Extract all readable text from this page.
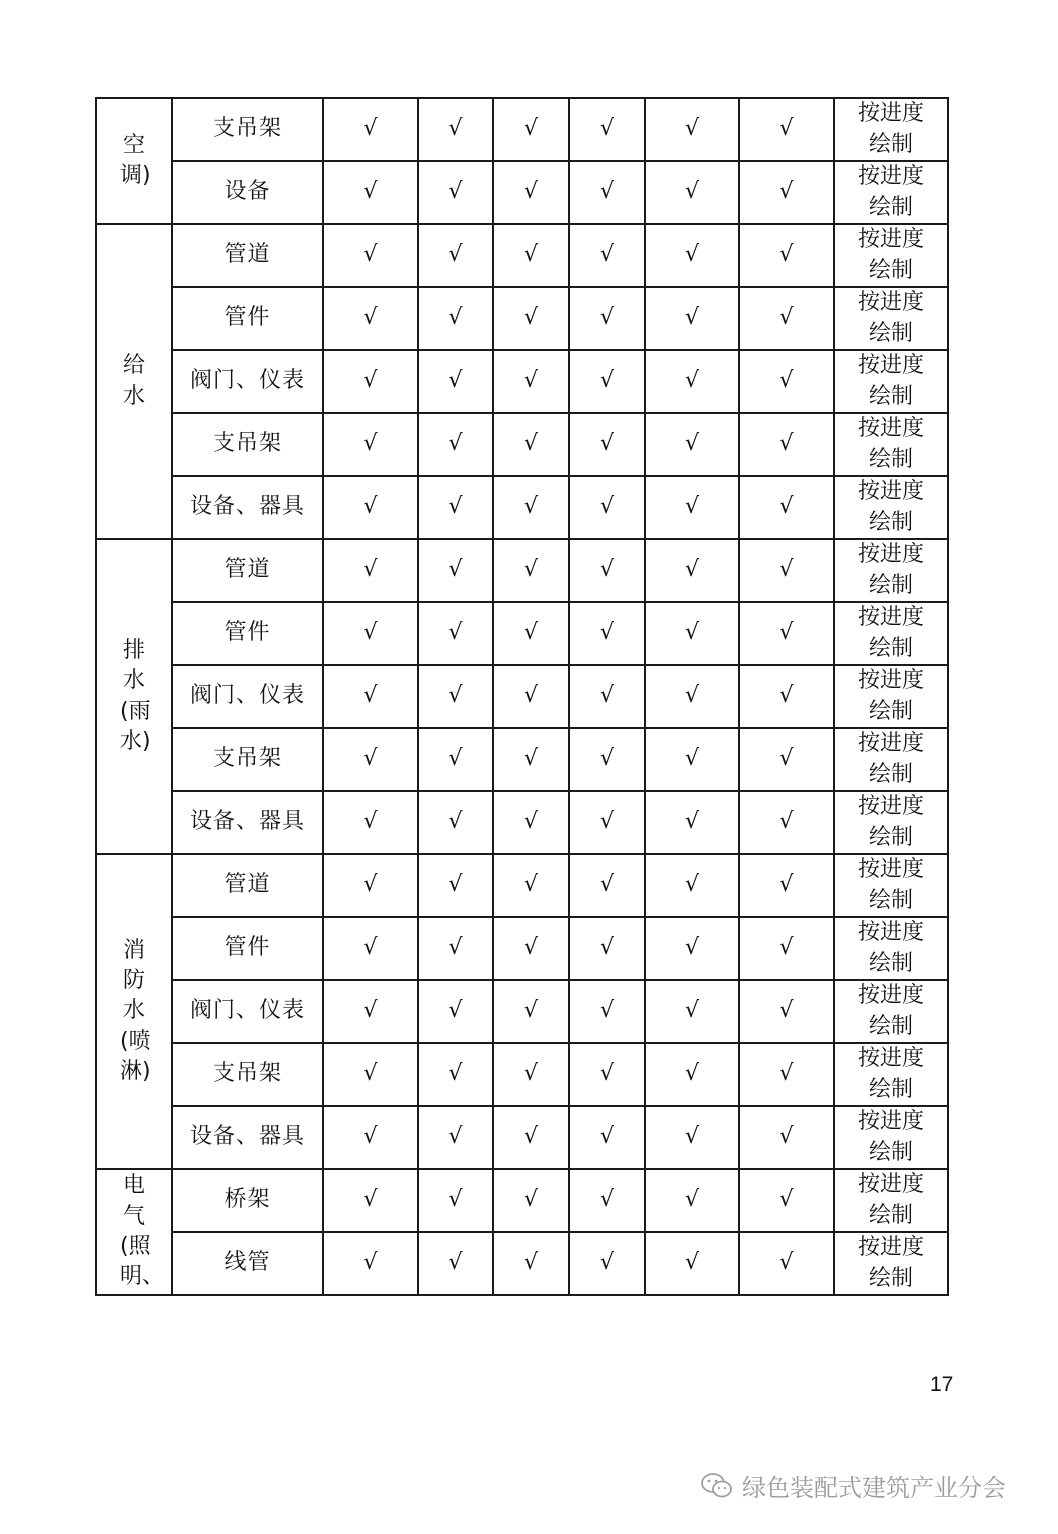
空调)	支吊架	√	√	√	√	√	√	按进度绘制
	设备	√	√	√	√	√	√	按进度绘制
给水	管道	√	√	√	√	√	√	按进度绘制
	管件	√	√	√	√	√	√	按进度绘制
	阀门、仪表	√	√	√	√	√	√	按进度绘制
	支吊架	√	√	√	√	√	√	按进度绘制
	设备、器具	√	√	√	√	√	√	按进度绘制
排水(雨水)	管道	√	√	√	√	√	√	按进度绘制
	管件	√	√	√	√	√	√	按进度绘制
	阀门、仪表	√	√	√	√	√	√	按进度绘制
	支吊架	√	√	√	√	√	√	按进度绘制
	设备、器具	√	√	√	√	√	√	按进度绘制
消防水(喷淋)	管道	√	√	√	√	√	√	按进度绘制
	管件	√	√	√	√	√	√	按进度绘制
	阀门、仪表	√	√	√	√	√	√	按进度绘制
	支吊架	√	√	√	√	√	√	按进度绘制
	设备、器具	√	√	√	√	√	√	按进度绘制
电气(照明、	桥架	√	√	√	√	√	√	按进度绘制
	线管	√	√	√	√	√	√	按进度绘制
17
绿色装配式建筑产业分会
